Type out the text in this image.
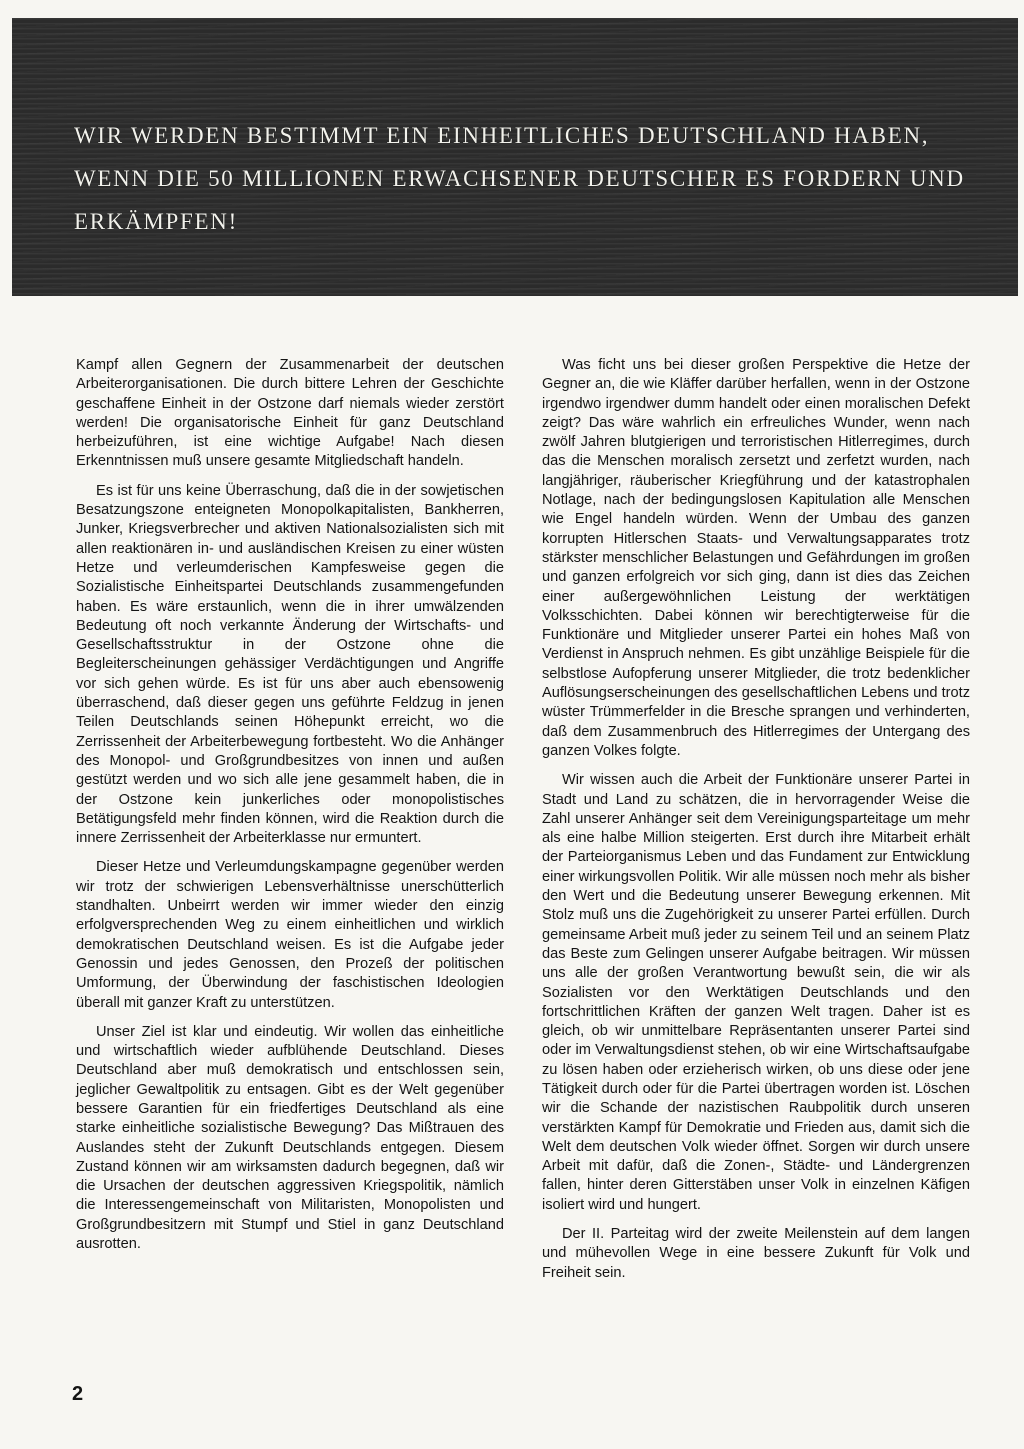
WIR WERDEN BESTIMMT EIN EINHEITLICHES DEUTSCHLAND HABEN, WENN DIE 50 MILLIONEN ERWACHSENER DEUTSCHER ES FORDERN UND ERKÄMPFEN!

Kampf allen Gegnern der Zusammenarbeit der deutschen Arbeiterorganisationen. Die durch bittere Lehren der Geschichte geschaffene Einheit in der Ostzone darf niemals wieder zerstört werden! Die organisatorische Einheit für ganz Deutschland herbeizuführen, ist eine wichtige Aufgabe! Nach diesen Erkenntnissen muß unsere gesamte Mitgliedschaft handeln.

Es ist für uns keine Überraschung, daß die in der sowjetischen Besatzungszone enteigneten Monopolkapitalisten, Bankherren, Junker, Kriegsverbrecher und aktiven Nationalsozialisten sich mit allen reaktionären in- und ausländischen Kreisen zu einer wüsten Hetze und verleumderischen Kampfesweise gegen die Sozialistische Einheitspartei Deutschlands zusammengefunden haben. Es wäre erstaunlich, wenn die in ihrer umwälzenden Bedeutung oft noch verkannte Änderung der Wirtschafts- und Gesellschaftsstruktur in der Ostzone ohne die Begleiterscheinungen gehässiger Verdächtigungen und Angriffe vor sich gehen würde. Es ist für uns aber auch ebensowenig überraschend, daß dieser gegen uns geführte Feldzug in jenen Teilen Deutschlands seinen Höhepunkt erreicht, wo die Zerrissenheit der Arbeiterbewegung fortbesteht. Wo die Anhänger des Monopol- und Großgrundbesitzes von innen und außen gestützt werden und wo sich alle jene gesammelt haben, die in der Ostzone kein junkerliches oder monopolistisches Betätigungsfeld mehr finden können, wird die Reaktion durch die innere Zerrissenheit der Arbeiterklasse nur ermuntert.

Dieser Hetze und Verleumdungskampagne gegenüber werden wir trotz der schwierigen Lebensverhältnisse unerschütterlich standhalten. Unbeirrt werden wir immer wieder den einzig erfolgversprechenden Weg zu einem einheitlichen und wirklich demokratischen Deutschland weisen. Es ist die Aufgabe jeder Genossin und jedes Genossen, den Prozeß der politischen Umformung, der Überwindung der faschistischen Ideologien überall mit ganzer Kraft zu unterstützen.

Unser Ziel ist klar und eindeutig. Wir wollen das einheitliche und wirtschaftlich wieder aufblühende Deutschland. Dieses Deutschland aber muß demokratisch und entschlossen sein, jeglicher Gewaltpolitik zu entsagen. Gibt es der Welt gegenüber bessere Garantien für ein friedfertiges Deutschland als eine starke einheitliche sozialistische Bewegung? Das Mißtrauen des Auslandes steht der Zukunft Deutschlands entgegen. Diesem Zustand können wir am wirksamsten dadurch begegnen, daß wir die Ursachen der deutschen aggressiven Kriegspolitik, nämlich die Interessengemeinschaft von Militaristen, Monopolisten und Großgrundbesitzern mit Stumpf und Stiel in ganz Deutschland ausrotten.

Was ficht uns bei dieser großen Perspektive die Hetze der Gegner an, die wie Kläffer darüber herfallen, wenn in der Ostzone irgendwo irgendwer dumm handelt oder einen moralischen Defekt zeigt? Das wäre wahrlich ein erfreuliches Wunder, wenn nach zwölf Jahren blutgierigen und terroristischen Hitlerregimes, durch das die Menschen moralisch zersetzt und zerfetzt wurden, nach langjähriger, räuberischer Kriegführung und der katastrophalen Notlage, nach der bedingungslosen Kapitulation alle Menschen wie Engel handeln würden. Wenn der Umbau des ganzen korrupten Hitlerschen Staats- und Verwaltungsapparates trotz stärkster menschlicher Belastungen und Gefährdungen im großen und ganzen erfolgreich vor sich ging, dann ist dies das Zeichen einer außergewöhnlichen Leistung der werktätigen Volksschichten. Dabei können wir berechtigterweise für die Funktionäre und Mitglieder unserer Partei ein hohes Maß von Verdienst in Anspruch nehmen. Es gibt unzählige Beispiele für die selbstlose Aufopferung unserer Mitglieder, die trotz bedenklicher Auflösungserscheinungen des gesellschaftlichen Lebens und trotz wüster Trümmerfelder in die Bresche sprangen und verhinderten, daß dem Zusammenbruch des Hitlerregimes der Untergang des ganzen Volkes folgte.

Wir wissen auch die Arbeit der Funktionäre unserer Partei in Stadt und Land zu schätzen, die in hervorragender Weise die Zahl unserer Anhänger seit dem Vereinigungsparteitage um mehr als eine halbe Million steigerten. Erst durch ihre Mitarbeit erhält der Parteiorganismus Leben und das Fundament zur Entwicklung einer wirkungsvollen Politik. Wir alle müssen noch mehr als bisher den Wert und die Bedeutung unserer Bewegung erkennen. Mit Stolz muß uns die Zugehörigkeit zu unserer Partei erfüllen. Durch gemeinsame Arbeit muß jeder zu seinem Teil und an seinem Platz das Beste zum Gelingen unserer Aufgabe beitragen. Wir müssen uns alle der großen Verantwortung bewußt sein, die wir als Sozialisten vor den Werktätigen Deutschlands und den fortschrittlichen Kräften der ganzen Welt tragen. Daher ist es gleich, ob wir unmittelbare Repräsentanten unserer Partei sind oder im Verwaltungsdienst stehen, ob wir eine Wirtschaftsaufgabe zu lösen haben oder erzieherisch wirken, ob uns diese oder jene Tätigkeit durch oder für die Partei übertragen worden ist. Löschen wir die Schande der nazistischen Raubpolitik durch unseren verstärkten Kampf für Demokratie und Frieden aus, damit sich die Welt dem deutschen Volk wieder öffnet. Sorgen wir durch unsere Arbeit mit dafür, daß die Zonen-, Städte- und Ländergrenzen fallen, hinter deren Gitterstäben unser Volk in einzelnen Käfigen isoliert wird und hungert.

Der II. Parteitag wird der zweite Meilenstein auf dem langen und mühevollen Wege in eine bessere Zukunft für Volk und Freiheit sein.

2
